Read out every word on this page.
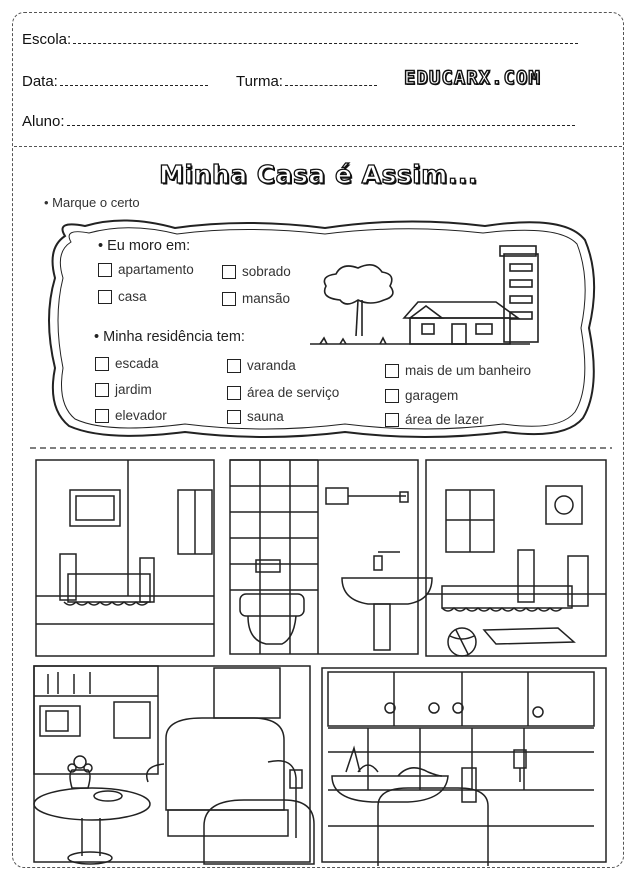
Escola:
Data:	Turma:	EDUCARX.COM
Aluno:
Minha Casa é Assim...
• Marque o certo
• Eu moro em:
apartamento	sobrado
casa	mansão
• Minha residência tem:
escada	varanda	mais de um banheiro
jardim	área de serviço	garagem
elevador	sauna	área de lazer
